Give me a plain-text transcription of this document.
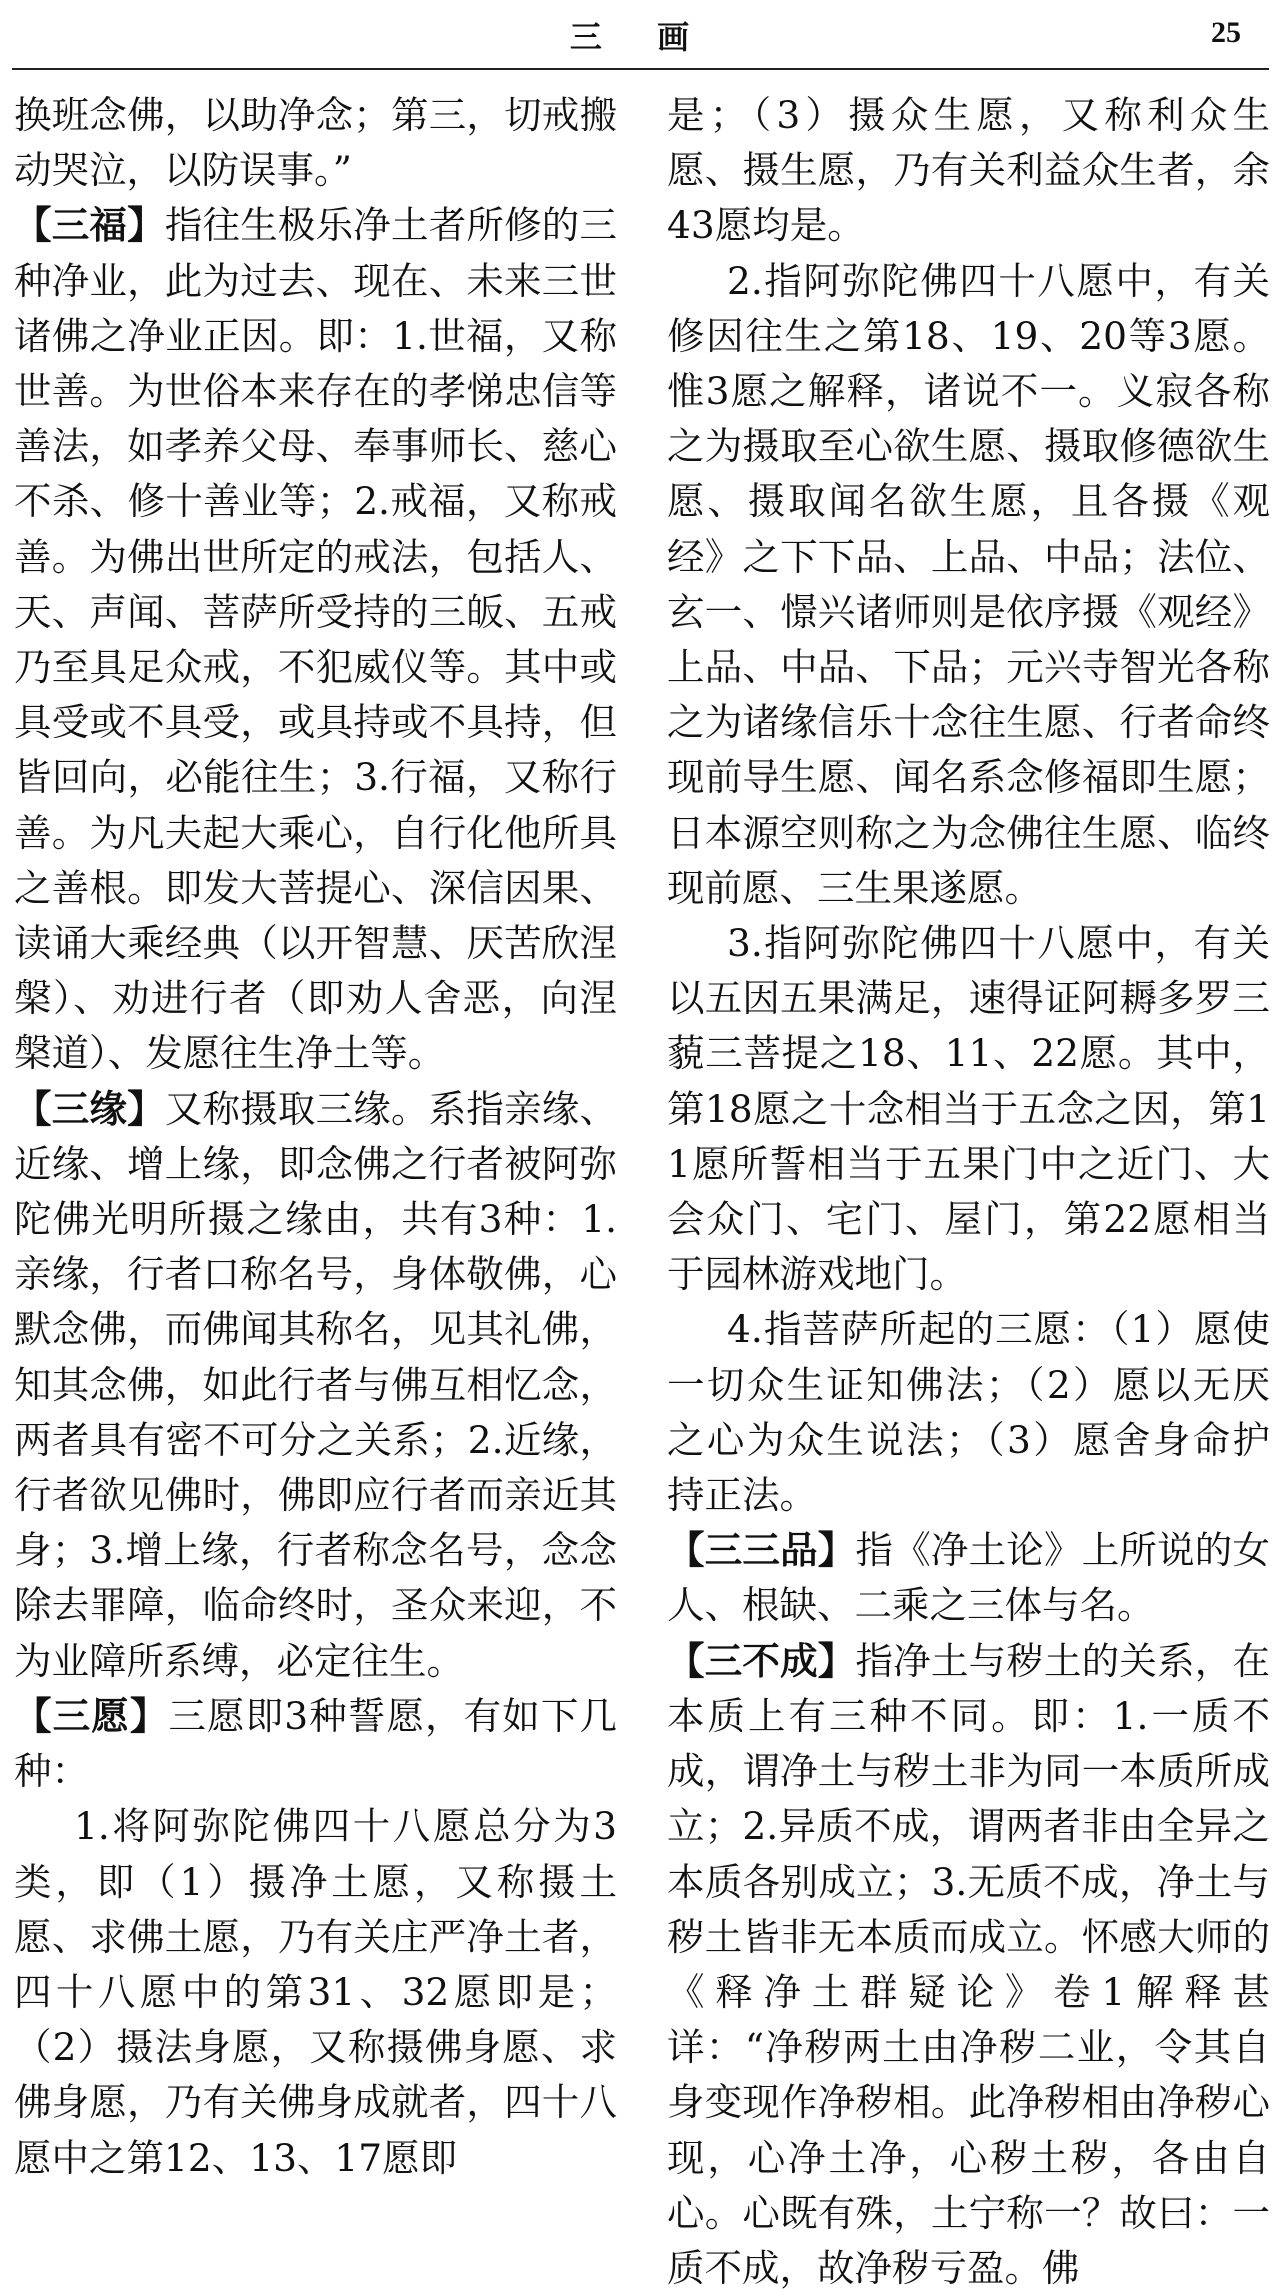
三 画	25

换班念佛，以助净念；第三，切戒搬动哭泣，以防误事。”

【三福】指往生极乐净土者所修的三种净业，此为过去、现在、未来三世诸佛之净业正因。即：1.世福，又称世善。为世俗本来存在的孝悌忠信等善法，如孝养父母、奉事师长、慈心不杀、修十善业等；2.戒福，又称戒善。为佛出世所定的戒法，包括人、天、声闻、菩萨所受持的三皈、五戒乃至具足众戒，不犯威仪等。其中或具受或不具受，或具持或不具持，但皆回向，必能往生；3.行福，又称行善。为凡夫起大乘心，自行化他所具之善根。即发大菩提心、深信因果、读诵大乘经典（以开智慧、厌苦欣涅槃）、劝进行者（即劝人舍恶，向涅槃道）、发愿往生净土等。

【三缘】又称摄取三缘。系指亲缘、近缘、增上缘，即念佛之行者被阿弥陀佛光明所摄之缘由，共有3种：1.亲缘，行者口称名号，身体敬佛，心默念佛，而佛闻其称名，见其礼佛，知其念佛，如此行者与佛互相忆念，两者具有密不可分之关系；2.近缘，行者欲见佛时，佛即应行者而亲近其身；3.增上缘，行者称念名号，念念除去罪障，临命终时，圣众来迎，不为业障所系缚，必定往生。

【三愿】三愿即3种誓愿，有如下几种：

1.将阿弥陀佛四十八愿总分为3类，即（1）摄净土愿，又称摄土愿、求佛土愿，乃有关庄严净土者，四十八愿中的第31、32愿即是；（2）摄法身愿，又称摄佛身愿、求佛身愿，乃有关佛身成就者，四十八愿中之第12、13、17愿即

是；（3）摄众生愿，又称利众生愿、摄生愿，乃有关利益众生者，余43愿均是。

2.指阿弥陀佛四十八愿中，有关修因往生之第18、19、20等3愿。惟3愿之解释，诸说不一。义寂各称之为摄取至心欲生愿、摄取修德欲生愿、摄取闻名欲生愿，且各摄《观经》之下下品、上品、中品；法位、玄一、憬兴诸师则是依序摄《观经》上品、中品、下品；元兴寺智光各称之为诸缘信乐十念往生愿、行者命终现前导生愿、闻名系念修福即生愿；日本源空则称之为念佛往生愿、临终现前愿、三生果遂愿。

3.指阿弥陀佛四十八愿中，有关以五因五果满足，速得证阿耨多罗三藐三菩提之18、11、22愿。其中，第18愿之十念相当于五念之因，第11愿所誓相当于五果门中之近门、大会众门、宅门、屋门，第22愿相当于园林游戏地门。

4.指菩萨所起的三愿：（1）愿使一切众生证知佛法；（2）愿以无厌之心为众生说法；（3）愿舍身命护持正法。

【三三品】指《净土论》上所说的女人、根缺、二乘之三体与名。

【三不成】指净土与秽土的关系，在本质上有三种不同。即：1.一质不成，谓净土与秽土非为同一本质所成立；2.异质不成，谓两者非由全异之本质各别成立；3.无质不成，净土与秽土皆非无本质而成立。怀感大师的《释净土群疑论》卷1解释甚详：“净秽两土由净秽二业，令其自身变现作净秽相。此净秽相由净秽心现，心净土净，心秽土秽，各由自心。心既有殊，土宁称一？故曰：一质不成，故净秽亏盈。佛
